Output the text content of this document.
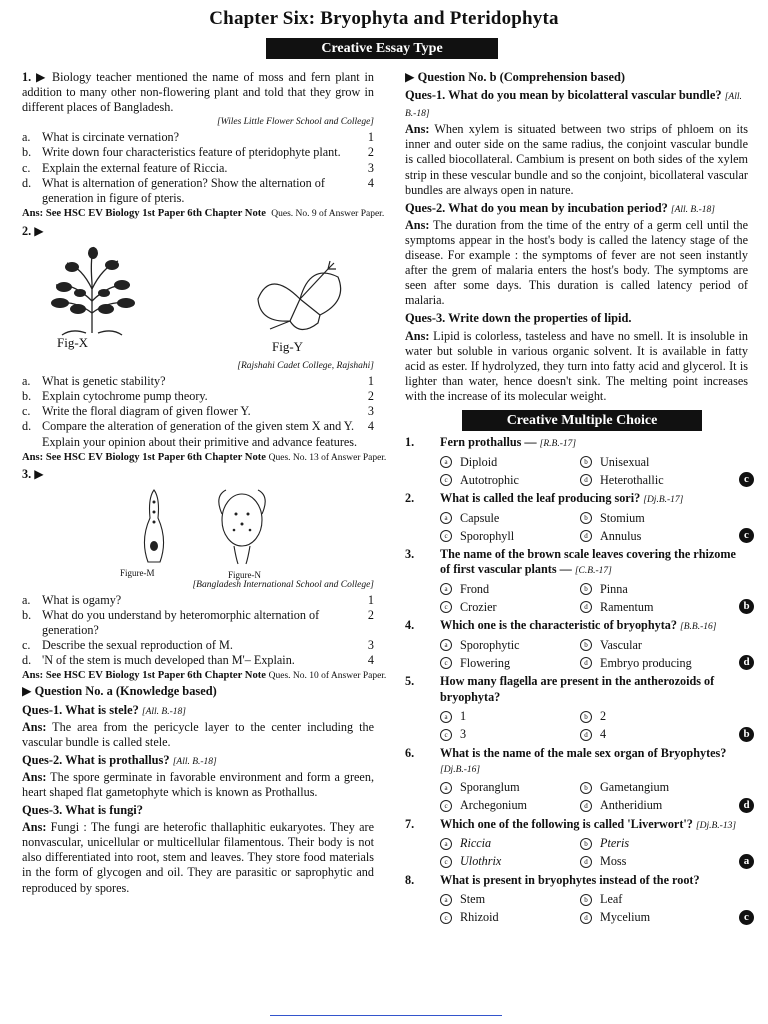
Chapter Six: Bryophyta and Pteridophyta
Creative Essay Type

1. ▶ Biology teacher mentioned the name of moss and fern plant in addition to many other non-flowering plant and told that they grow in different places of Bangladesh.

[Wiles Little Flower School and College]

a. What is circinate vernation?	1
b. Write down four characteristics feature of pteridophyte plant.	2
c. Explain the external feature of Riccia.	3
d. What is alternation of generation? Show the alternation of generation in figure of pteris.
4

Ans: See HSC EV Biology 1st Paper 6th Chapter Note Ques. No. 9 of Answer Paper.

2. ▶

Fig-X	Fig-Y

[Rajshahi Cadet College, Rajshahi]

a. What is genetic stability?	1
b. Explain cytochrome pump theory.	2
c. Write the floral diagram of given flower Y.	3
d. Compare the alteration of generation of the given stem X and Y. Explain your opinion about their primitive and advance features.
4

Ans: See HSC EV Biology 1st Paper 6th Chapter Note Ques. No. 13 of Answer Paper.

3. ▶

Figure-M	Figure-N

[Bangladesh International School and College]

a. What is ogamy?	1
b. What do you understand by heteromorphic alternation of generation?
2
c. Describe the sexual reproduction of M.	3
d. 'N of the stem is much developed than M'– Explain.	4

Ans: See HSC EV Biology 1st Paper 6th Chapter Note Ques. No. 10 of Answer Paper.

▶ Question No. a (Knowledge based)

Ques-1. What is stele? [All. B.-18]

Ans: The area from the pericycle layer to the center including the vascular bundle is called stele.

Ques-2. What is prothallus? [All. B.-18]

Ans: The spore germinate in favorable environment and form a green, heart shaped flat gametophyte which is known as Prothallus.

Ques-3. What is fungi?

Ans: Fungi : The fungi are heterofic thallaphitic eukaryotes. They are nonvascular, unicellular or multicellular filamentous. Their body is not also differentiated into root, stem and leaves. They store food materials in the form of glycogen and oil. They are parasitic or saprophytic and reproduced by spores.

▶ Question No. b (Comprehension based)

Ques-1. What do you mean by bicolatteral vascular bundle? [All. B.-18]

Ans: When xylem is situated between two strips of phloem on its inner and outer side on the same radius, the conjoint vascular bundle is called biocollateral. Cambium is present on both sides of the xylem strip in these vescular bundle and so the conjoint, bicollateral vascular bundles are always open in nature.

Ques-2. What do you mean by incubation period? [All. B.-18]

Ans: The duration from the time of the entry of a germ cell until the symptoms appear in the host's body is called the latency stage of the disease. For example : the symptoms of fever are not seen instantly after the grem of malaria enters the host's body. The symptoms are seen after some days. This duration is called latency period of malaria.

Ques-3. Write down the properties of lipid.

Ans: Lipid is colorless, tasteless and have no smell. It is insoluble in water but soluble in various organic solvent. It is available in fatty acid as ester. If hydrolyzed, they turn into fatty acid and glycerol. It is lighter than water, hence doesn't sink. The melting point increases with the increase of its molecular weight.

Creative Multiple Choice
1. Fern prothallus — [R.B.-17]
a	Diploid	b	Unisexual
c	Autotrophic	d	Heterothallic	c
2. What is called the leaf producing sori? [Dj.B.-17]
a	Capsule	b	Stomium
c	Sporophyll	d	Annulus	c
3. The name of the brown scale leaves covering the rhizome of first vascular plants — [C.B.-17]
a	Frond	b	Pinna
c	Crozier	d	Ramentum	b
4. Which one is the characteristic of bryophyta? [B.B.-16]
a	Sporophytic	b	Vascular
c	Flowering	d	Embryo producing	d
5. How many flagella are present in the antherozoids of bryophyta?
a	1	b	2
c	3	d	4	b
6. What is the name of the male sex organ of Bryophytes? [Dj.B.-16]
a	Sporanglum	b	Gametangium
c	Archegonium	d	Antheridium	d
7. Which one of the following is called 'Liverwort'? [Dj.B.-13]
a	Riccia	b	Pteris
c	Ulothrix	d	Moss	a
8. What is present in bryophytes instead of the root?
a	Stem	b	Leaf
c	Rhizoid	d	Mycelium	c
